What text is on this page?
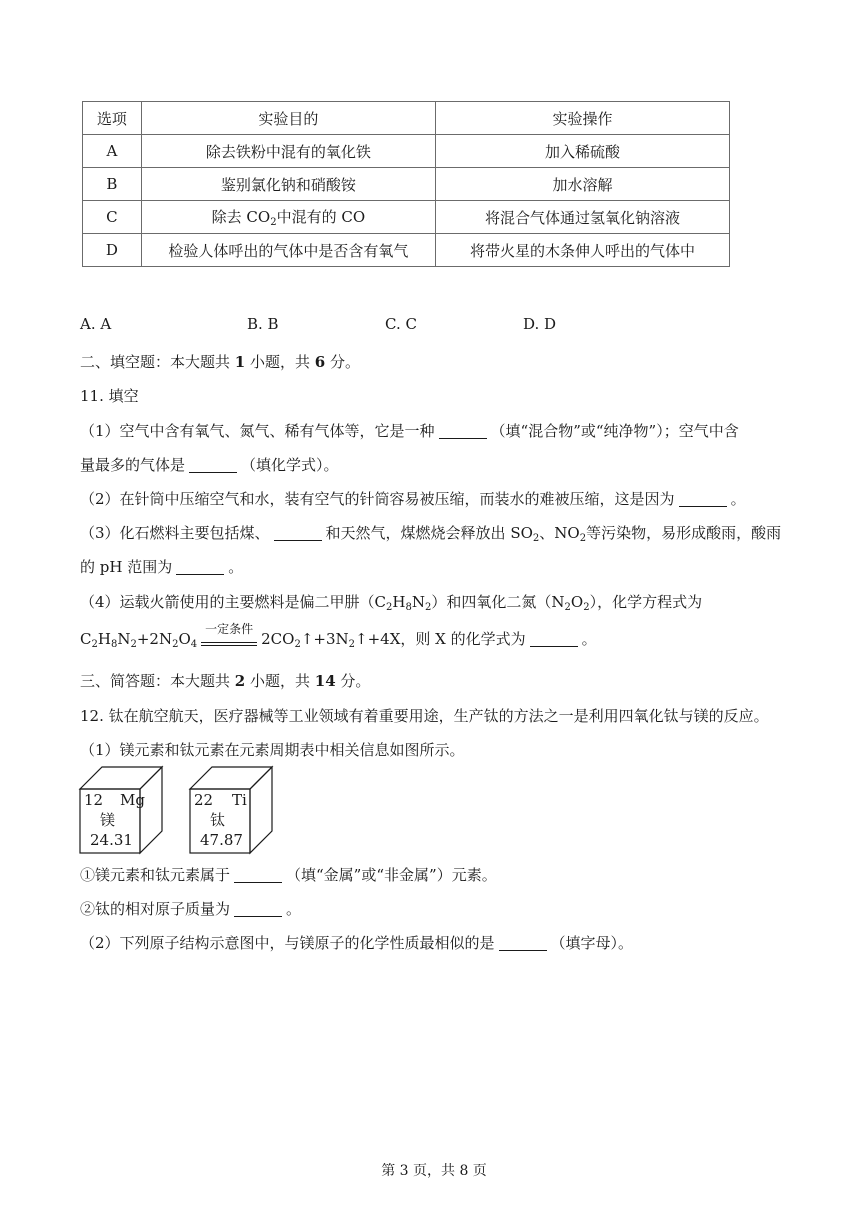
选项	实验目的	实验操作
A	除去铁粉中混有的氧化铁	加入稀硫酸
B	鉴别氯化钠和硝酸铵	加水溶解
C	除去 $CO_2$中混有的 CO	将混合气体通过氢氧化钠溶液
D	检验人体呼出的气体中是否含有氧气	将带火星的木条伸人呼出的气体中
A. A	B. B	C. C	D. D
二、填空题：本大题共 1 小题，共 6 分。
11. 填空
（1）空气中含有氧气、氮气、稀有气体等，它是一种	（填“混合物”或“纯净物”）；空气中含
量最多的气体是	（填化学式）。
（2）在针筒中压缩空气和水，装有空气的针筒容易被压缩，而装水的难被压缩，这是因为	。
（3）化石燃料主要包括煤、	和天然气，煤燃烧会释放出 $SO_2$、$NO_2$等污染物，易形成酸雨，酸雨
的 pH 范围为	。
（4）运载火箭使用的主要燃料是偏二甲肼$(C_2H_8N_2)$和四氧化二氮$(N_2O_2)$，化学方程式为
$C_2H_8N_2+2N_2O_4$
一定条件
$2CO_2↑+3N_2↑+4X$，则 X 的化学式为	。
三、简答题：本大题共 2 小题，共 14 分。
12. 钛在航空航天，医疗器械等工业领域有着重要用途，生产钛的方法之一是利用四氧化钛与镁的反应。
（1）镁元素和钛元素在元素周期表中相关信息如图所示。
12 Mg
镁
24.31
22 Ti
钛
47.87
①镁元素和钛元素属于	（填“金属”或“非金属”）元素。
②钛的相对原子质量为	。
（2）下列原子结构示意图中，与镁原子的化学性质最相似的是	（填字母）。
第 3 页，共 8 页
